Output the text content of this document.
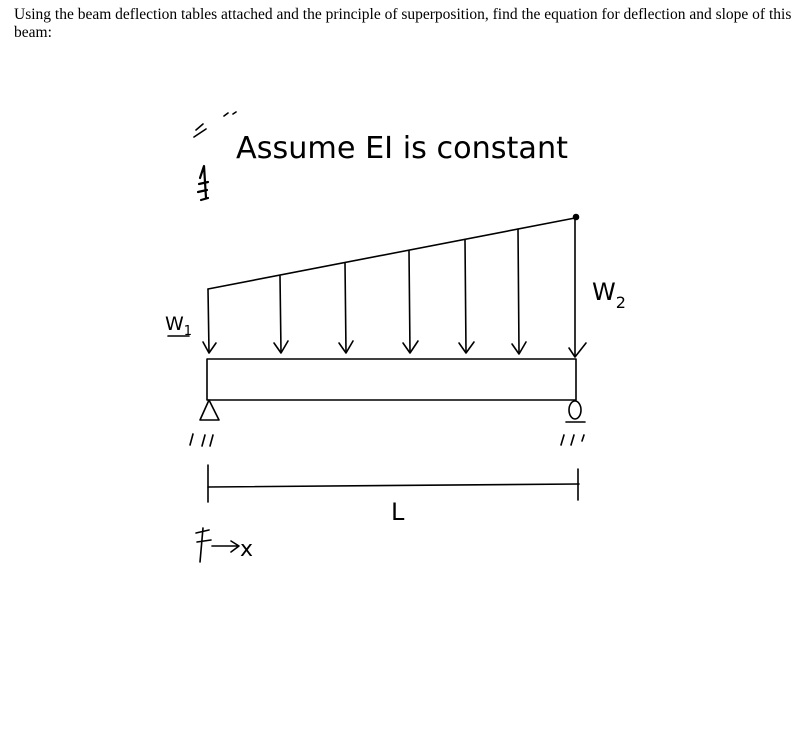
Using the beam deflection tables attached and the principle of superposition, find the equation for deflection and slope of this beam:

Assume EI is constant
$W_1$
$W_2$
L
x
